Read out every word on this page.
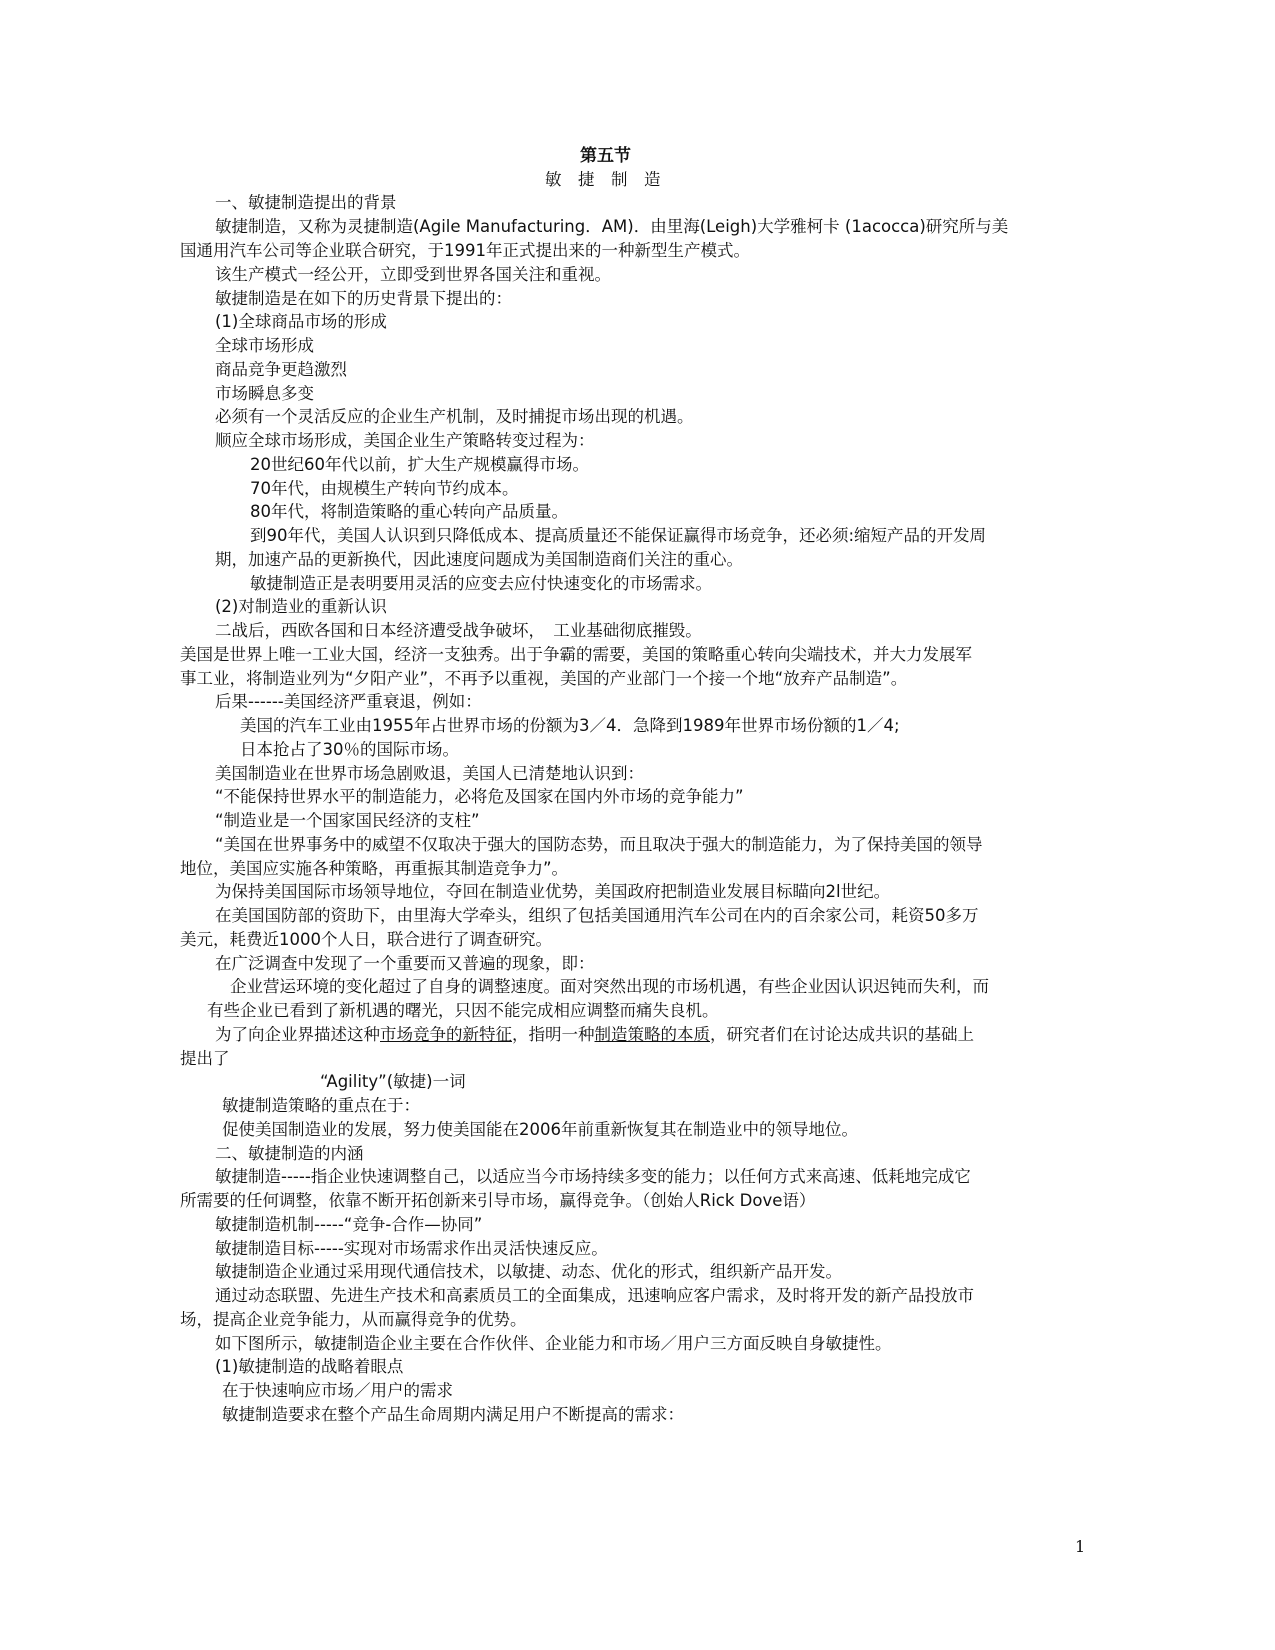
第五节
敏　捷　制　造
一、敏捷制造提出的背景
敏捷制造，又称为灵捷制造(Agile Manufacturing．AM)．由里海(Leigh)大学雅柯卡 (1acocca)研究所与美
国通用汽车公司等企业联合研究，于1991年正式提出来的一种新型生产模式。
该生产模式一经公开，立即受到世界各国关注和重视。
敏捷制造是在如下的历史背景下提出的：
(1)全球商品市场的形成
全球市场形成
商品竞争更趋激烈
市场瞬息多变
必须有一个灵活反应的企业生产机制，及时捕捉市场出现的机遇。
顺应全球市场形成，美国企业生产策略转变过程为：
20世纪60年代以前，扩大生产规模赢得市场。
70年代，由规模生产转向节约成本。
80年代，将制造策略的重心转向产品质量。
到90年代，美国人认识到只降低成本、提高质量还不能保证赢得市场竞争，还必须:缩短产品的开发周
期，加速产品的更新换代，因此速度问题成为美国制造商们关注的重心。
敏捷制造正是表明要用灵活的应变去应付快速变化的市场需求。
(2)对制造业的重新认识
二战后，西欧各国和日本经济遭受战争破坏，　工业基础彻底摧毁。
美国是世界上唯一工业大国，经济一支独秀。出于争霸的需要，美国的策略重心转向尖端技术，并大力发展军
事工业，将制造业列为“夕阳产业”，不再予以重视，美国的产业部门一个接一个地“放弃产品制造”。
后果------美国经济严重衰退，例如：
美国的汽车工业由1955年占世界市场的份额为3／4．急降到1989年世界市场份额的1／4;
日本抢占了30％的国际市场。
美国制造业在世界市场急剧败退，美国人已清楚地认识到：
“不能保持世界水平的制造能力，必将危及国家在国内外市场的竞争能力”
“制造业是一个国家国民经济的支柱”
“美国在世界事务中的威望不仅取决于强大的国防态势，而且取决于强大的制造能力，为了保持美国的领导
地位，美国应实施各种策略，再重振其制造竞争力”。
为保持美国国际市场领导地位，夺回在制造业优势，美国政府把制造业发展目标瞄向2l世纪。
在美国国防部的资助下，由里海大学牵头，组织了包括美国通用汽车公司在内的百余家公司，耗资50多万
美元，耗费近1000个人日，联合进行了调查研究。
在广泛调查中发现了一个重要而又普遍的现象，即：
企业营运环境的变化超过了自身的调整速度。面对突然出现的市场机遇，有些企业因认识迟钝而失利，而
有些企业已看到了新机遇的曙光，只因不能完成相应调整而痛失良机。
为了向企业界描述这种市场竞争的新特征，指明一种制造策略的本质，研究者们在讨论达成共识的基础上
提出了
“Agility”(敏捷)一词
敏捷制造策略的重点在于：
促使美国制造业的发展，努力使美国能在2006年前重新恢复其在制造业中的领导地位。
二、敏捷制造的内涵
敏捷制造-----指企业快速调整自己，以适应当今市场持续多变的能力；以任何方式来高速、低耗地完成它
所需要的任何调整，依靠不断开拓创新来引导市场，赢得竞争。（创始人Rick Dove语）
敏捷制造机制-----“竞争-合作—协同”
敏捷制造目标-----实现对市场需求作出灵活快速反应。
敏捷制造企业通过采用现代通信技术，以敏捷、动态、优化的形式，组织新产品开发。
通过动态联盟、先进生产技术和高素质员工的全面集成，迅速响应客户需求，及时将开发的新产品投放市
场，提高企业竞争能力，从而赢得竞争的优势。
如下图所示，敏捷制造企业主要在合作伙伴、企业能力和市场／用户三方面反映自身敏捷性。
(1)敏捷制造的战略着眼点
在于快速响应市场／用户的需求
敏捷制造要求在整个产品生命周期内满足用户不断提高的需求：
1
